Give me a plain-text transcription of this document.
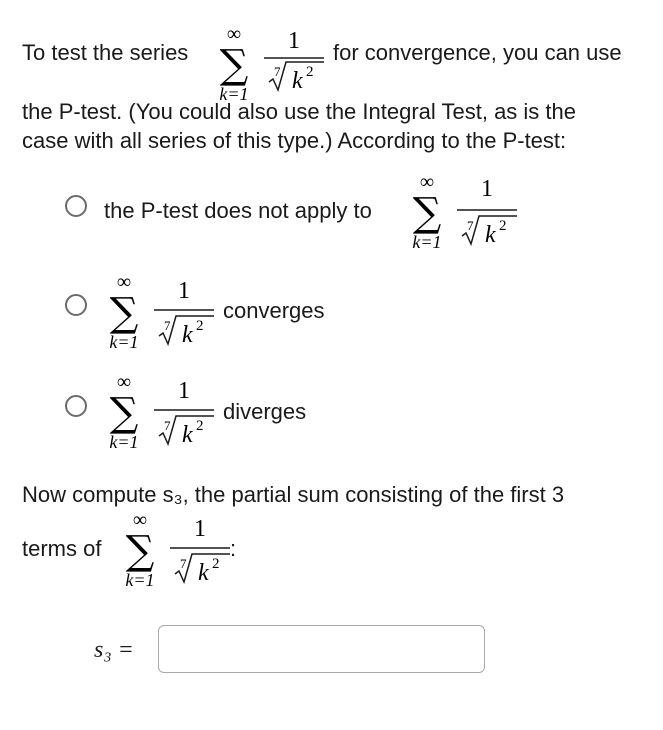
To test the series
∞
∑
k=1
1
7 k 2
for convergence, you can use
the P-test. (You could also use the Integral Test, as is the
case with all series of this type.) According to the P-test:
the P-test does not apply to
∞
∑
k=1
1
7 k 2
∞
∑
k=1
1
7 k 2
converges
∞
∑
k=1
1
7 k 2
diverges
Now compute s₃, the partial sum consisting of the first 3
terms of
∞
∑
k=1
1
7 k 2
:
s₃ =
